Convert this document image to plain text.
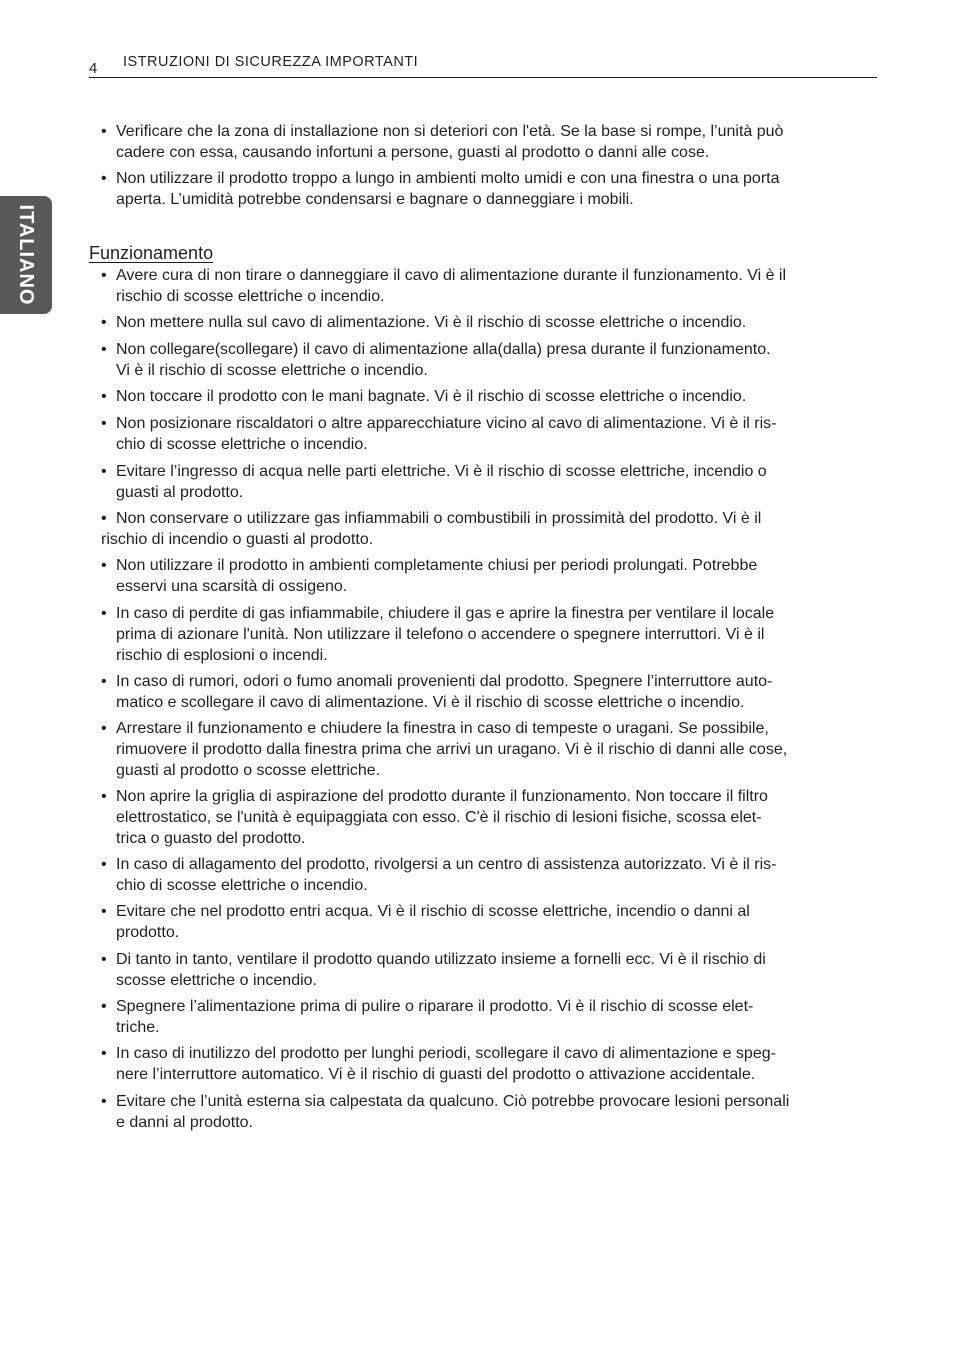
4 ISTRUZIONI DI SICUREZZA IMPORTANTI
ITALIANO

• Verificare che la zona di installazione non si deteriori con l'età. Se la base si rompe, l’unità può
cadere con essa, causando infortuni a persone, guasti al prodotto o danni alle cose.

• Non utilizzare il prodotto troppo a lungo in ambienti molto umidi e con una finestra o una porta
aperta. L’umidità potrebbe condensarsi e bagnare o danneggiare i mobili.

Funzionamento

• Avere cura di non tirare o danneggiare il cavo di alimentazione durante il funzionamento. Vi è il
rischio di scosse elettriche o incendio.

• Non mettere nulla sul cavo di alimentazione. Vi è il rischio di scosse elettriche o incendio.

• Non collegare(scollegare) il cavo di alimentazione alla(dalla) presa durante il funzionamento.
Vi è il rischio di scosse elettriche o incendio.

• Non toccare il prodotto con le mani bagnate. Vi è il rischio di scosse elettriche o incendio.

• Non posizionare riscaldatori o altre apparecchiature vicino al cavo di alimentazione. Vi è il ris-
chio di scosse elettriche o incendio.

• Evitare l’ingresso di acqua nelle parti elettriche. Vi è il rischio di scosse elettriche, incendio o
guasti al prodotto.

• Non conservare o utilizzare gas infiammabili o combustibili in prossimità del prodotto. Vi è il
rischio di incendio o guasti al prodotto.

• Non utilizzare il prodotto in ambienti completamente chiusi per periodi prolungati. Potrebbe
esservi una scarsità di ossigeno.

• In caso di perdite di gas infiammabile, chiudere il gas e aprire la finestra per ventilare il locale
prima di azionare l'unità. Non utilizzare il telefono o accendere o spegnere interruttori. Vi è il
rischio di esplosioni o incendi.

• In caso di rumori, odori o fumo anomali provenienti dal prodotto. Spegnere l’interruttore auto-
matico e scollegare il cavo di alimentazione. Vi è il rischio di scosse elettriche o incendio.

• Arrestare il funzionamento e chiudere la finestra in caso di tempeste o uragani. Se possibile,
rimuovere il prodotto dalla finestra prima che arrivi un uragano. Vi è il rischio di danni alle cose,
guasti al prodotto o scosse elettriche.

• Non aprire la griglia di aspirazione del prodotto durante il funzionamento. Non toccare il filtro
elettrostatico, se l'unità è equipaggiata con esso. C'è il rischio di lesioni fisiche, scossa elet-
trica o guasto del prodotto.

• In caso di allagamento del prodotto, rivolgersi a un centro di assistenza autorizzato. Vi è il ris-
chio di scosse elettriche o incendio.

• Evitare che nel prodotto entri acqua. Vi è il rischio di scosse elettriche, incendio o danni al
prodotto.

• Di tanto in tanto, ventilare il prodotto quando utilizzato insieme a fornelli ecc. Vi è il rischio di
scosse elettriche o incendio.

• Spegnere l’alimentazione prima di pulire o riparare il prodotto. Vi è il rischio di scosse elet-
triche.

• In caso di inutilizzo del prodotto per lunghi periodi, scollegare il cavo di alimentazione e speg-
nere l’interruttore automatico. Vi è il rischio di guasti del prodotto o attivazione accidentale.

• Evitare che l’unità esterna sia calpestata da qualcuno. Ciò potrebbe provocare lesioni personali
e danni al prodotto.
